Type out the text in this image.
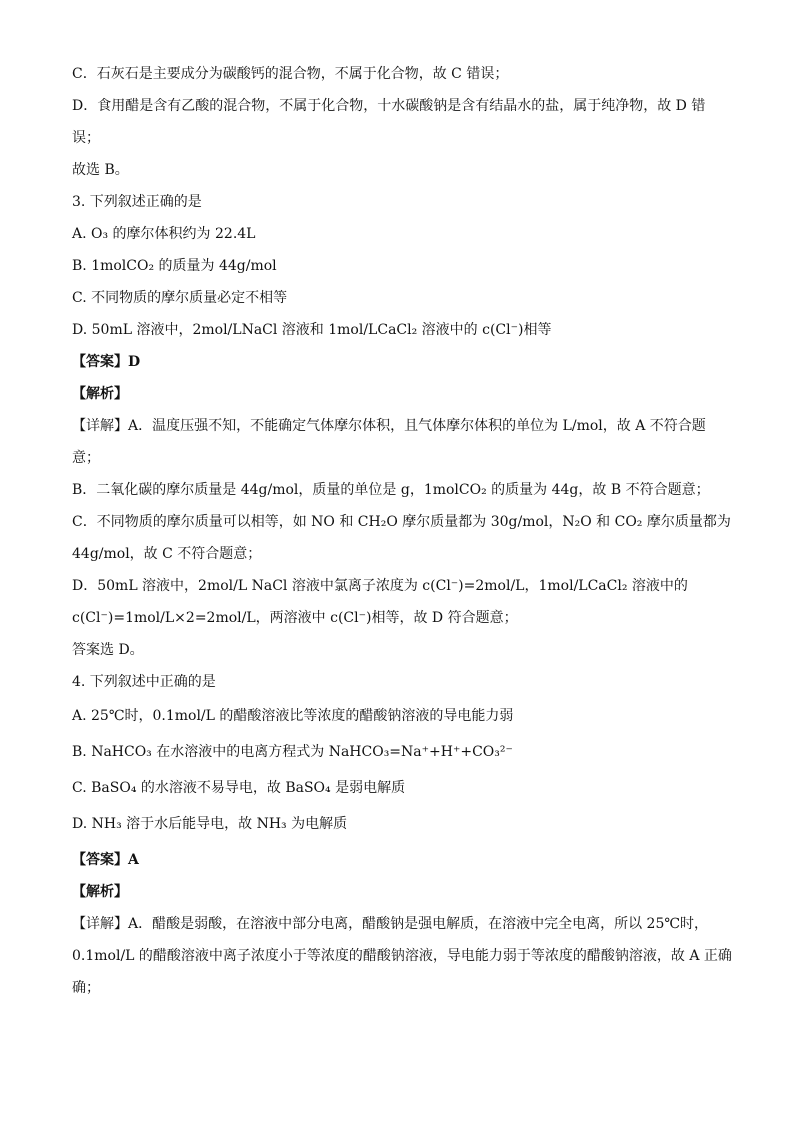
C．石灰石是主要成分为碳酸钙的混合物，不属于化合物，故 C 错误；
D．食用醋是含有乙酸的混合物，不属于化合物，十水碳酸钠是含有结晶水的盐，属于纯净物，故 D 错
误；
故选 B。
3. 下列叙述正确的是
A. O₃ 的摩尔体积约为 22.4L
B. 1molCO₂ 的质量为 44g/mol
C. 不同物质的摩尔质量必定不相等
D. 50mL 溶液中，2mol/LNaCl 溶液和 1mol/LCaCl₂ 溶液中的 c(Cl⁻)相等
【答案】D
【解析】
【详解】A．温度压强不知，不能确定气体摩尔体积，且气体摩尔体积的单位为 L/mol，故 A 不符合题
意；
B．二氧化碳的摩尔质量是 44g/mol，质量的单位是 g，1molCO₂ 的质量为 44g，故 B 不符合题意；
C．不同物质的摩尔质量可以相等，如 NO 和 CH₂O 摩尔质量都为 30g/mol，N₂O 和 CO₂ 摩尔质量都为
44g/mol，故 C 不符合题意；
D．50mL 溶液中，2mol/L NaCl 溶液中氯离子浓度为 c(Cl⁻)=2mol/L，1mol/LCaCl₂ 溶液中的
c(Cl⁻)=1mol/L×2=2mol/L，两溶液中 c(Cl⁻)相等，故 D 符合题意；
答案选 D。
4. 下列叙述中正确的是
A. 25℃时，0.1mol/L 的醋酸溶液比等浓度的醋酸钠溶液的导电能力弱
B. NaHCO₃ 在水溶液中的电离方程式为 NaHCO₃=Na⁺+H⁺+CO₃²⁻
C. BaSO₄ 的水溶液不易导电，故 BaSO₄ 是弱电解质
D. NH₃ 溶于水后能导电，故 NH₃ 为电解质
【答案】A
【解析】
【详解】A．醋酸是弱酸，在溶液中部分电离，醋酸钠是强电解质，在溶液中完全电离，所以 25℃时，
0.1mol/L 的醋酸溶液中离子浓度小于等浓度的醋酸钠溶液，导电能力弱于等浓度的醋酸钠溶液，故 A 正确
确；
